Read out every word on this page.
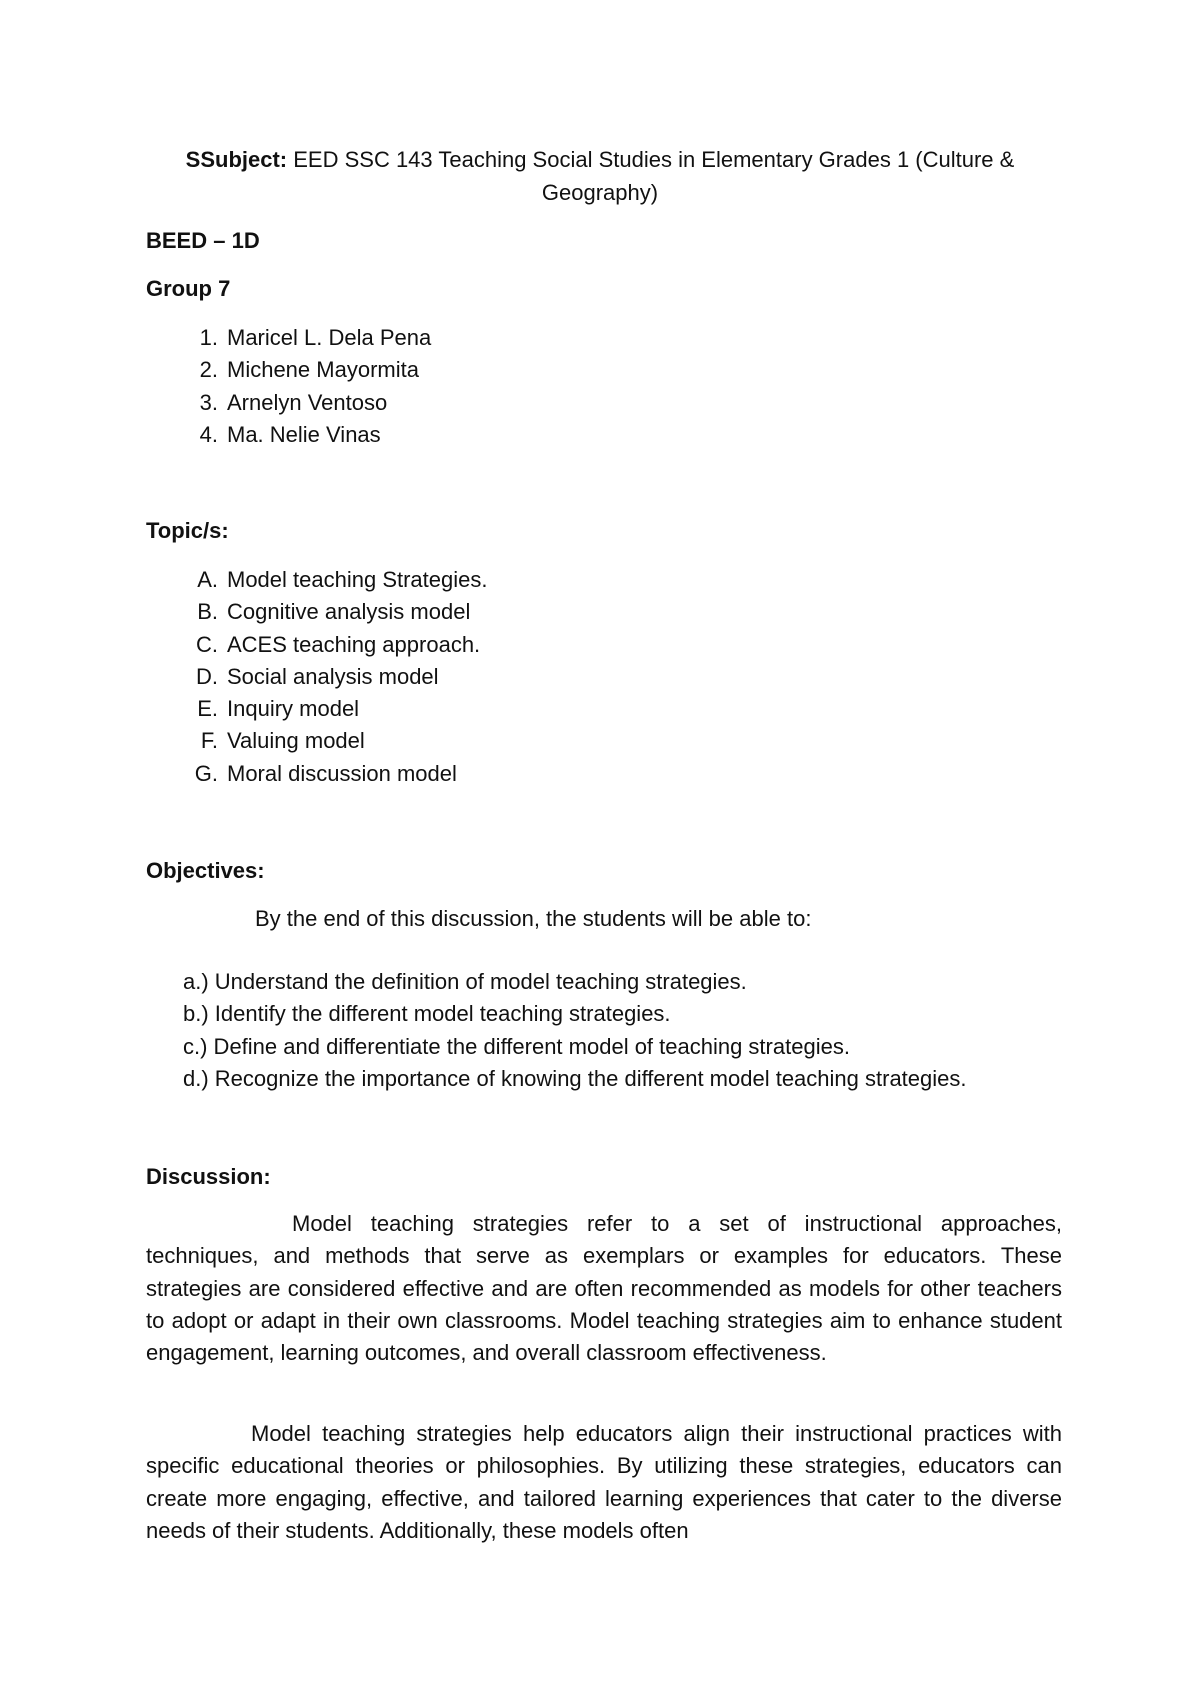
SSubject: EED SSC 143 Teaching Social Studies in Elementary Grades 1 (Culture & Geography)
BEED – 1D
Group 7
1. Maricel L. Dela Pena
2. Michene Mayormita
3. Arnelyn Ventoso
4. Ma. Nelie Vinas
Topic/s:
A. Model teaching Strategies.
B. Cognitive analysis model
C. ACES teaching approach.
D. Social analysis model
E. Inquiry model
F. Valuing model
G. Moral discussion model
Objectives:
By the end of this discussion, the students will be able to:
a.) Understand the definition of model teaching strategies.
b.) Identify the different model teaching strategies.
c.) Define and differentiate the different model of teaching strategies.
d.) Recognize the importance of knowing the different model teaching strategies.
Discussion:

Model teaching strategies refer to a set of instructional approaches, techniques, and methods that serve as exemplars or examples for educators. These strategies are considered effective and are often recommended as models for other teachers to adopt or adapt in their own classrooms. Model teaching strategies aim to enhance student engagement, learning outcomes, and overall classroom effectiveness.

Model teaching strategies help educators align their instructional practices with specific educational theories or philosophies. By utilizing these strategies, educators can create more engaging, effective, and tailored learning experiences that cater to the diverse needs of their students. Additionally, these models often
